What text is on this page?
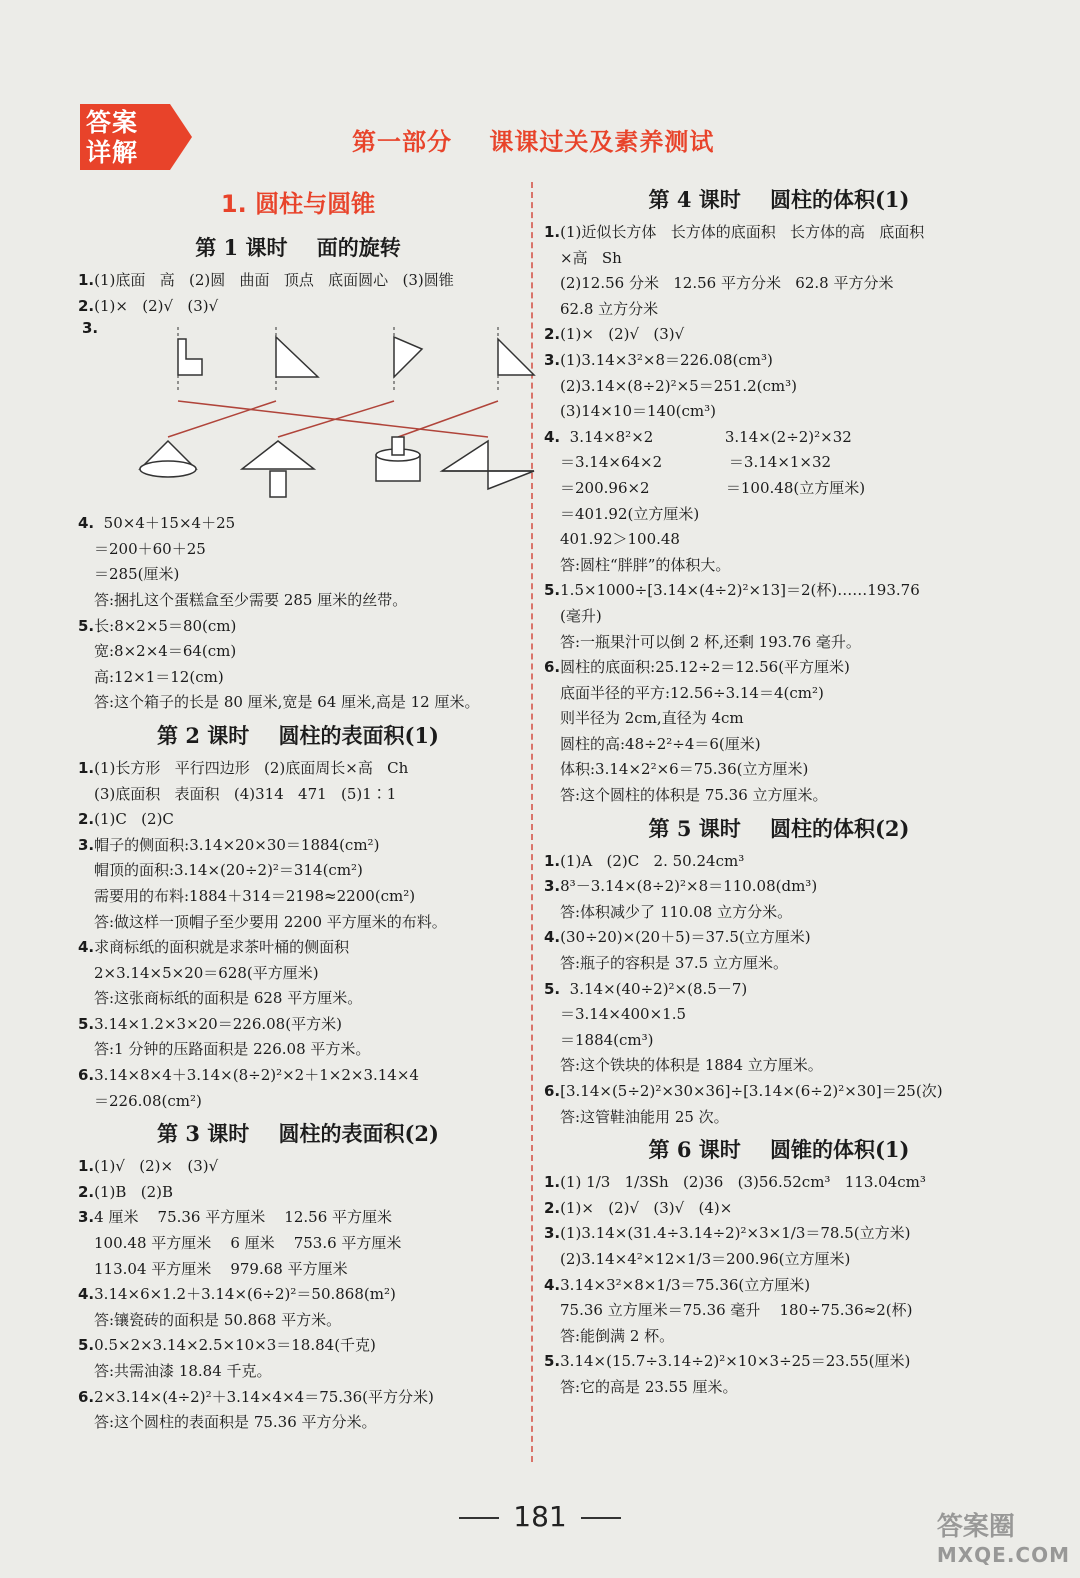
答案
详解	第一部分    课课过关及素养测试
1. 圆柱与圆锥
第 1 课时    面的旋转
1.(1)底面   高   (2)圆   曲面   顶点   底面圆心   (3)圆锥
2.(1)×   (2)√   (3)√
3.
4.  50×4＋15×4＋25
＝200＋60＋25
＝285(厘米)
答:捆扎这个蛋糕盒至少需要 285 厘米的丝带。
5.长:8×2×5＝80(cm)
宽:8×2×4＝64(cm)
高:12×1＝12(cm)
答:这个箱子的长是 80 厘米,宽是 64 厘米,高是 12 厘米。
第 2 课时    圆柱的表面积(1)
1.(1)长方形   平行四边形   (2)底面周长×高   Ch
(3)底面积   表面积   (4)314   471   (5)1∶1
2.(1)C   (2)C
3.帽子的侧面积:3.14×20×30＝1884(cm²)
帽顶的面积:3.14×(20÷2)²＝314(cm²)
需要用的布料:1884＋314＝2198≈2200(cm²)
答:做这样一顶帽子至少要用 2200 平方厘米的布料。
4.求商标纸的面积就是求茶叶桶的侧面积
2×3.14×5×20＝628(平方厘米)
答:这张商标纸的面积是 628 平方厘米。
5.3.14×1.2×3×20＝226.08(平方米)
答:1 分钟的压路面积是 226.08 平方米。
6.3.14×8×4＋3.14×(8÷2)²×2＋1×2×3.14×4
＝226.08(cm²)
第 3 课时    圆柱的表面积(2)
1.(1)√   (2)×   (3)√
2.(1)B   (2)B
3.4 厘米    75.36 平方厘米    12.56 平方厘米
100.48 平方厘米    6 厘米    753.6 平方厘米
113.04 平方厘米    979.68 平方厘米
4.3.14×6×1.2＋3.14×(6÷2)²＝50.868(m²)
答:镶瓷砖的面积是 50.868 平方米。
5.0.5×2×3.14×2.5×10×3＝18.84(千克)
答:共需油漆 18.84 千克。
6.2×3.14×(4÷2)²＋3.14×4×4＝75.36(平方分米)
答:这个圆柱的表面积是 75.36 平方分米。
第 4 课时    圆柱的体积(1)
1.(1)近似长方体   长方体的底面积   长方体的高   底面积
×高   Sh
(2)12.56 分米   12.56 平方分米   62.8 平方分米
62.8 立方分米
2.(1)×   (2)√   (3)√
3.(1)3.14×3²×8＝226.08(cm³)
(2)3.14×(8÷2)²×5＝251.2(cm³)
(3)14×10＝140(cm³)
4.  3.14×8²×2               3.14×(2÷2)²×32
＝3.14×64×2              ＝3.14×1×32
＝200.96×2                ＝100.48(立方厘米)
＝401.92(立方厘米)
401.92＞100.48
答:圆柱“胖胖”的体积大。
5.1.5×1000÷[3.14×(4÷2)²×13]＝2(杯)……193.76
(毫升)
答:一瓶果汁可以倒 2 杯,还剩 193.76 毫升。
6.圆柱的底面积:25.12÷2＝12.56(平方厘米)
底面半径的平方:12.56÷3.14＝4(cm²)
则半径为 2cm,直径为 4cm
圆柱的高:48÷2²÷4＝6(厘米)
体积:3.14×2²×6＝75.36(立方厘米)
答:这个圆柱的体积是 75.36 立方厘米。
第 5 课时    圆柱的体积(2)
1.(1)A   (2)C   2. 50.24cm³
3.8³－3.14×(8÷2)²×8＝110.08(dm³)
答:体积减少了 110.08 立方分米。
4.(30÷20)×(20＋5)＝37.5(立方厘米)
答:瓶子的容积是 37.5 立方厘米。
5.  3.14×(40÷2)²×(8.5－7)
＝3.14×400×1.5
＝1884(cm³)
答:这个铁块的体积是 1884 立方厘米。
6.[3.14×(5÷2)²×30×36]÷[3.14×(6÷2)²×30]＝25(次)
答:这管鞋油能用 25 次。
第 6 课时    圆锥的体积(1)
1.(1) 1/3   1/3Sh   (2)36   (3)56.52cm³   113.04cm³
2.(1)×   (2)√   (3)√   (4)×
3.(1)3.14×(31.4÷3.14÷2)²×3×1/3＝78.5(立方米)
(2)3.14×4²×12×1/3＝200.96(立方厘米)
4.3.14×3²×8×1/3＝75.36(立方厘米)
75.36 立方厘米＝75.36 毫升    180÷75.36≈2(杯)
答:能倒满 2 杯。
5.3.14×(15.7÷3.14÷2)²×10×3÷25＝23.55(厘米)
答:它的高是 23.55 厘米。
181	答案圈
MXQE.COM
